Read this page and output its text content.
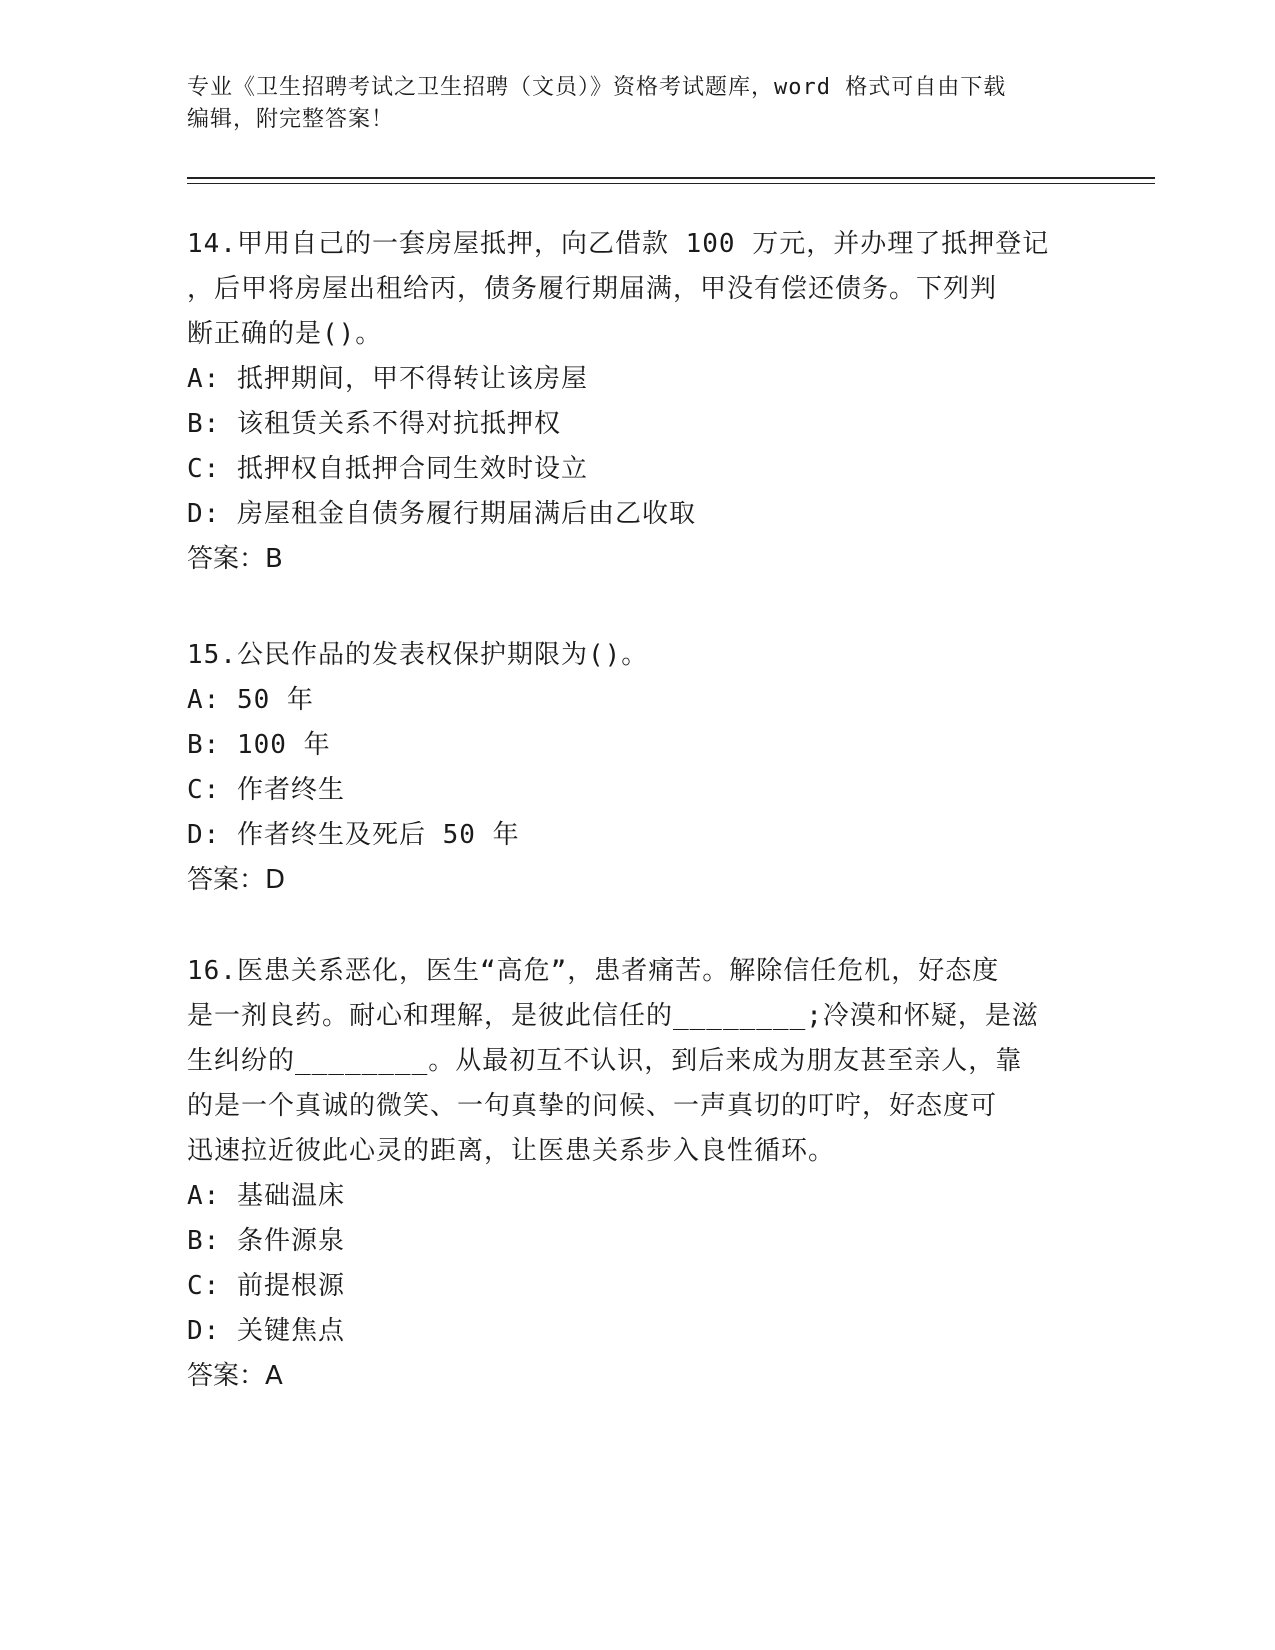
专业《卫生招聘考试之卫生招聘（文员）》资格考试题库，word 格式可自由下载
编辑，附完整答案！
14.甲用自己的一套房屋抵押，向乙借款 100 万元，并办理了抵押登记
，后甲将房屋出租给丙，债务履行期届满，甲没有偿还债务。下列判
断正确的是()。
A: 抵押期间，甲不得转让该房屋
B: 该租赁关系不得对抗抵押权
C: 抵押权自抵押合同生效时设立
D: 房屋租金自债务履行期届满后由乙收取
答案：B
15.公民作品的发表权保护期限为()。
A: 50 年
B: 100 年
C: 作者终生
D: 作者终生及死后 50 年
答案：D
16.医患关系恶化，医生“高危”，患者痛苦。解除信任危机，好态度
是一剂良药。耐心和理解，是彼此信任的________;冷漠和怀疑，是滋
生纠纷的________。从最初互不认识，到后来成为朋友甚至亲人，靠
的是一个真诚的微笑、一句真挚的问候、一声真切的叮咛，好态度可
迅速拉近彼此心灵的距离，让医患关系步入良性循环。
A: 基础温床
B: 条件源泉
C: 前提根源
D: 关键焦点
答案：A
